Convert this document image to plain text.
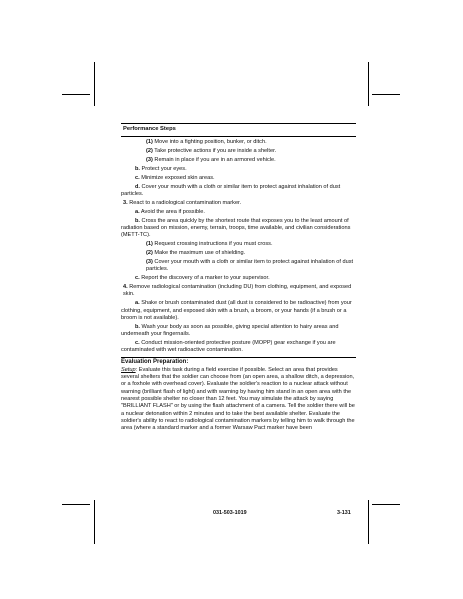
Performance Steps
(1) Move into a fighting position, bunker, or ditch.
(2) Take protective actions if you are inside a shelter.
(3) Remain in place if you are in an armored vehicle.
b. Protect your eyes.
c. Minimize exposed skin areas.
d. Cover your mouth with a cloth or similar item to protect against inhalation of dust particles.
3. React to a radiological contamination marker.
a. Avoid the area if possible.
b. Cross the area quickly by the shortest route that exposes you to the least amount of radiation based on mission, enemy, terrain, troops, time available, and civilian considerations (METT-TC).
(1) Request crossing instructions if you must cross.
(2) Make the maximum use of shielding.
(3) Cover your mouth with a cloth or similar item to protect against inhalation of dust particles.
c. Report the discovery of a marker to your supervisor.
4. Remove radiological contamination (including DU) from clothing, equipment, and exposed skin.
a. Shake or brush contaminated dust (all dust is considered to be radioactive) from your clothing, equipment, and exposed skin with a brush, a broom, or your hands (if a brush or a broom is not available).
b. Wash your body as soon as possible, giving special attention to hairy areas and underneath your fingernails.
c. Conduct mission-oriented protective posture (MOPP) gear exchange if you are contaminated with wet radioactive contamination.
Evaluation Preparation:
Setup: Evaluate this task during a field exercise if possible. Select an area that provides several shelters that the soldier can choose from (an open area, a shallow ditch, a depression, or a foxhole with overhead cover). Evaluate the soldier's reaction to a nuclear attack without warning (brilliant flash of light) and with warning by having him stand in an open area with the nearest possible shelter no closer than 12 feet. You may simulate the attack by saying "BRILLIANT FLASH" or by using the flash attachment of a camera. Tell the soldier there will be a nuclear detonation within 2 minutes and to take the best available shelter. Evaluate the soldier's ability to react to radiological contamination markers by telling him to walk through the area (where a standard marker and a former Warsaw Pact marker have been
031-503-1019	3-131
